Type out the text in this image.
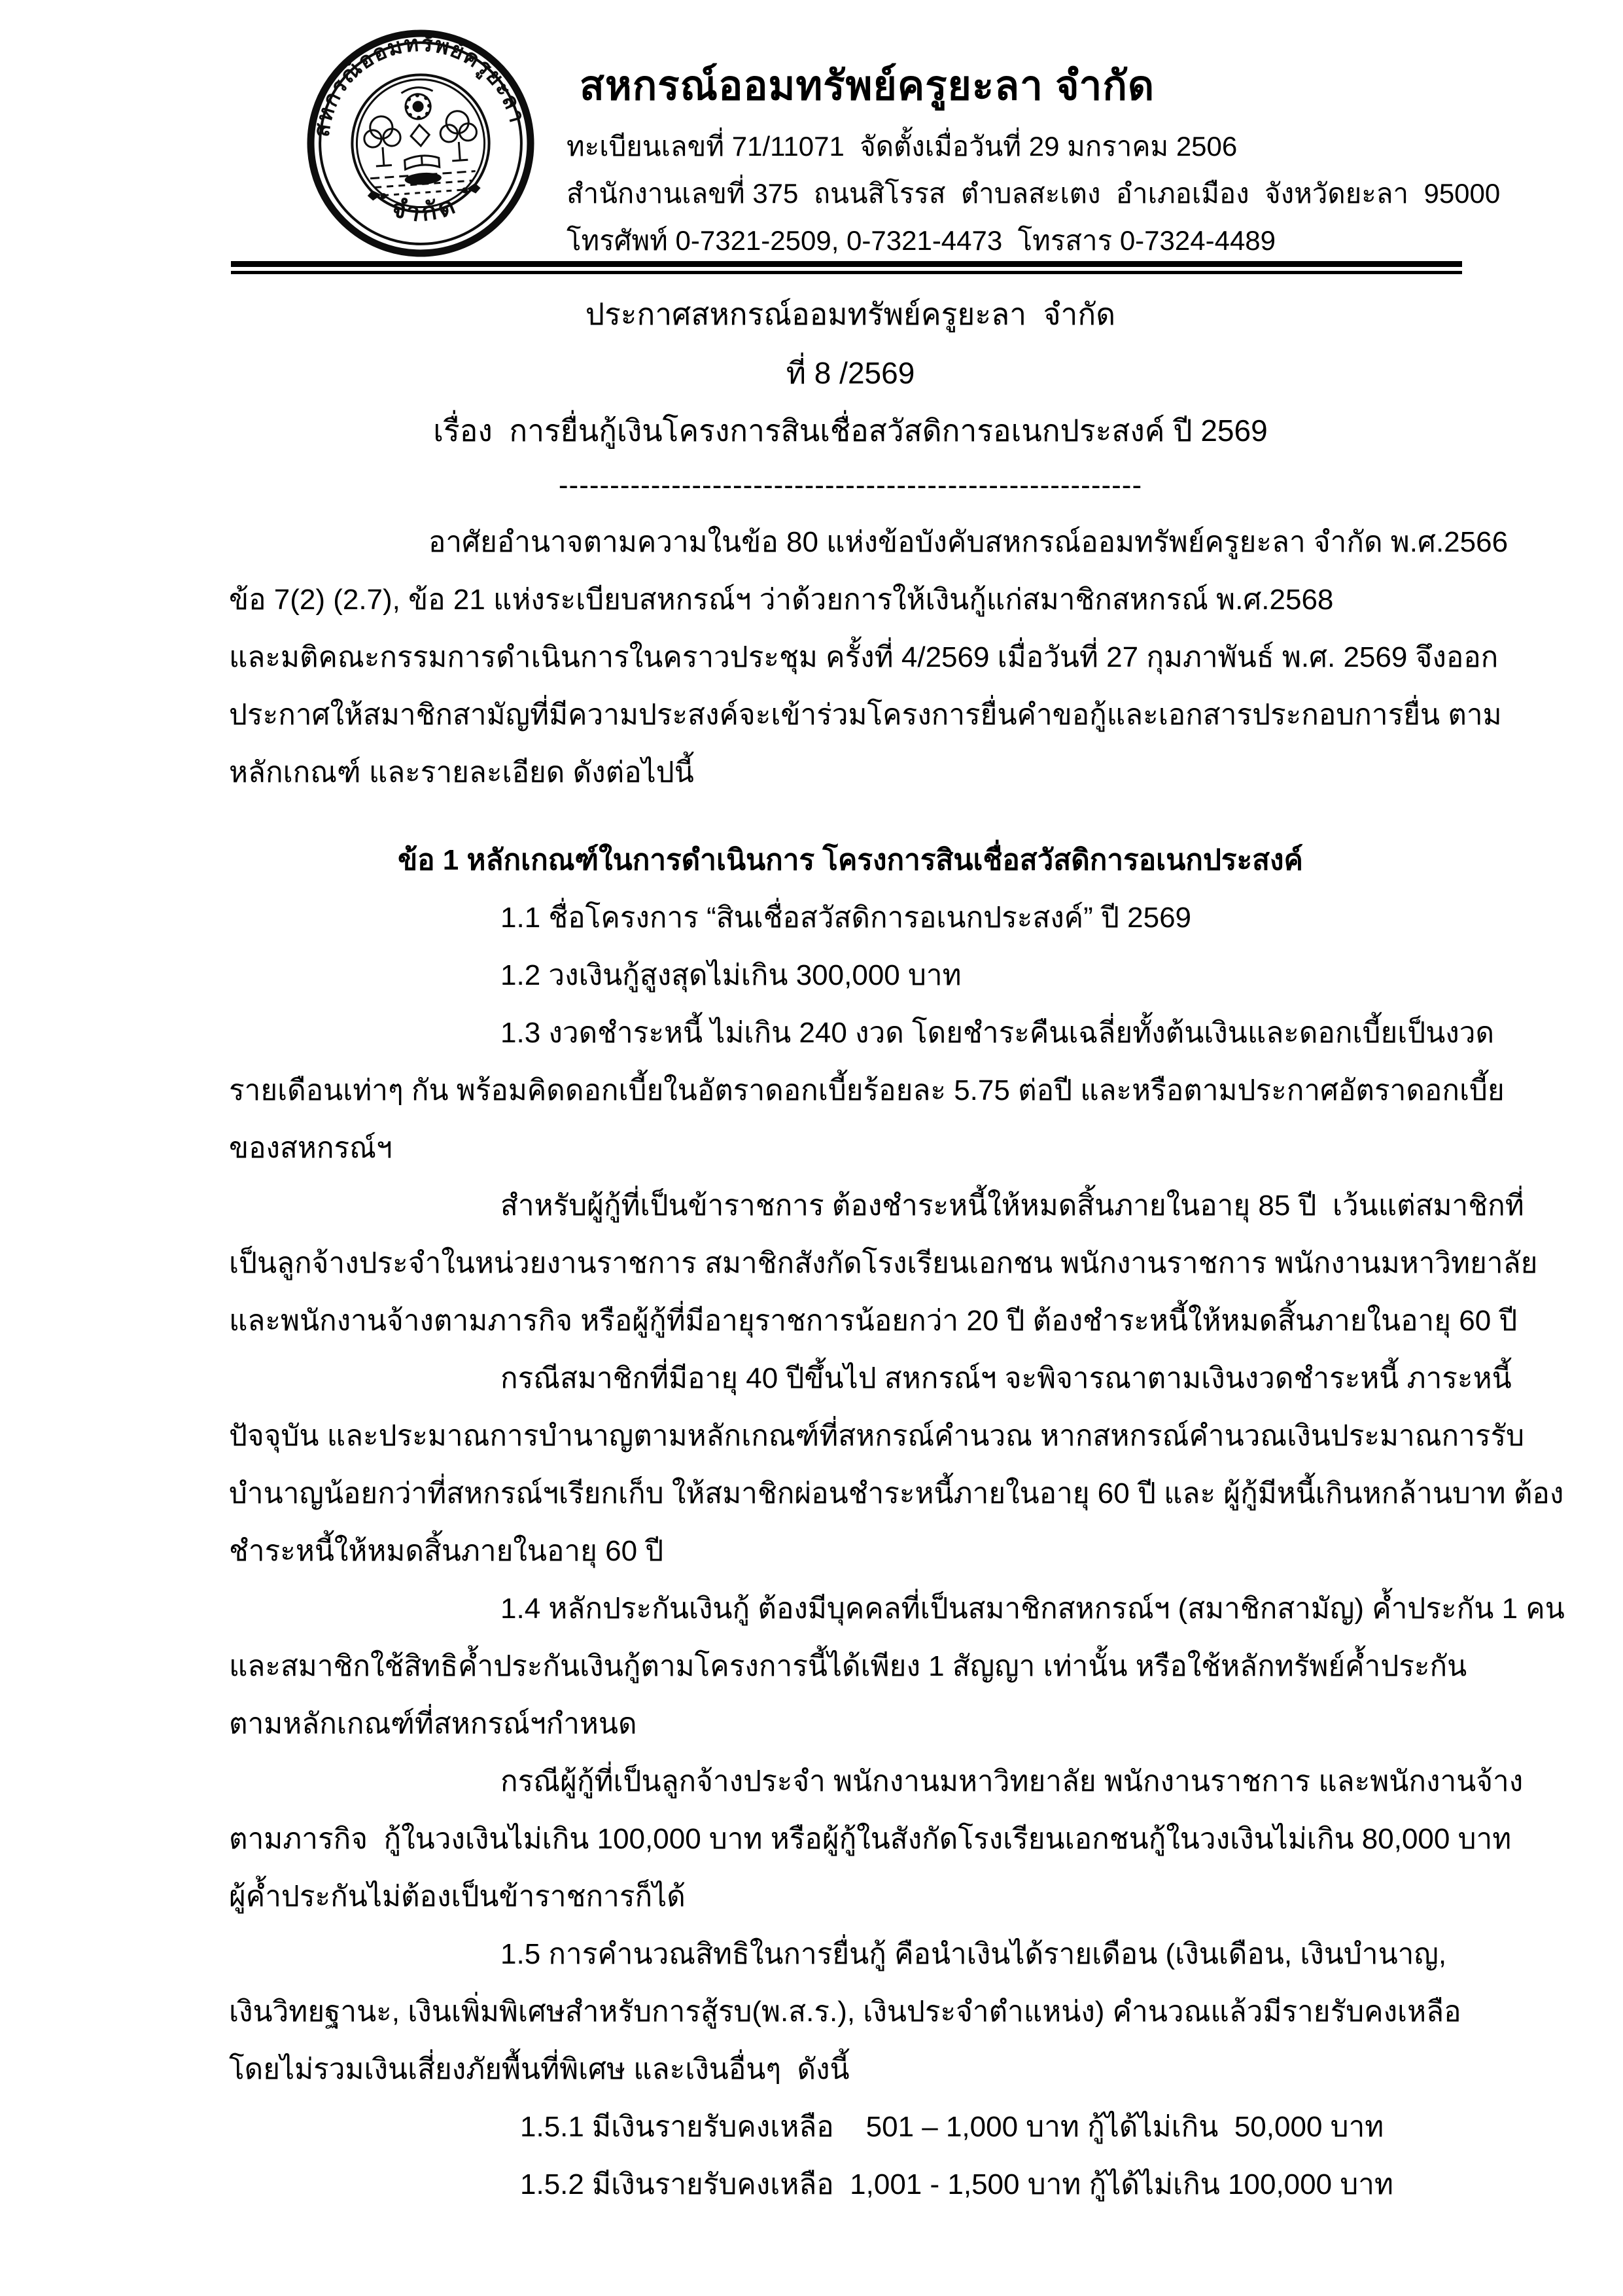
สหกรณ์ออมทรัพย์ครูยะลา
จำกัด
สหกรณ์ออมทรัพย์ครูยะลา จำกัด
ทะเบียนเลขที่ 71/11071  จัดตั้งเมื่อวันที่ 29 มกราคม 2506
สำนักงานเลขที่ 375  ถนนสิโรรส  ตำบลสะเตง  อำเภอเมือง  จังหวัดยะลา  95000
โทรศัพท์ 0-7321-2509, 0-7321-4473  โทรสาร 0-7324-4489
ประกาศสหกรณ์ออมทรัพย์ครูยะลา  จำกัด
ที่ 8 /2569
เรื่อง  การยื่นกู้เงินโครงการสินเชื่อสวัสดิการอเนกประสงค์ ปี 2569
---------------------------------------------------------
อาศัยอำนาจตามความในข้อ 80 แห่งข้อบังคับสหกรณ์ออมทรัพย์ครูยะลา จำกัด พ.ศ.2566
ข้อ 7(2) (2.7), ข้อ 21 แห่งระเบียบสหกรณ์ฯ ว่าด้วยการให้เงินกู้แก่สมาชิกสหกรณ์ พ.ศ.2568
และมติคณะกรรมการดำเนินการในคราวประชุม ครั้งที่ 4/2569 เมื่อวันที่ 27 กุมภาพันธ์ พ.ศ. 2569 จึงออก
ประกาศให้สมาชิกสามัญที่มีความประสงค์จะเข้าร่วมโครงการยื่นคำขอกู้และเอกสารประกอบการยื่น ตาม
หลักเกณฑ์ และรายละเอียด ดังต่อไปนี้
ข้อ 1 หลักเกณฑ์ในการดำเนินการ โครงการสินเชื่อสวัสดิการอเนกประสงค์
1.1 ชื่อโครงการ “สินเชื่อสวัสดิการอเนกประสงค์” ปี 2569
1.2 วงเงินกู้สูงสุดไม่เกิน 300,000 บาท
1.3 งวดชำระหนี้ ไม่เกิน 240 งวด โดยชำระคืนเฉลี่ยทั้งต้นเงินและดอกเบี้ยเป็นงวด
รายเดือนเท่าๆ กัน พร้อมคิดดอกเบี้ยในอัตราดอกเบี้ยร้อยละ 5.75 ต่อปี และหรือตามประกาศอัตราดอกเบี้ย
ของสหกรณ์ฯ
สำหรับผู้กู้ที่เป็นข้าราชการ ต้องชำระหนี้ให้หมดสิ้นภายในอายุ 85 ปี  เว้นแต่สมาชิกที่
เป็นลูกจ้างประจำในหน่วยงานราชการ สมาชิกสังกัดโรงเรียนเอกชน พนักงานราชการ พนักงานมหาวิทยาลัย
และพนักงานจ้างตามภารกิจ หรือผู้กู้ที่มีอายุราชการน้อยกว่า 20 ปี ต้องชำระหนี้ให้หมดสิ้นภายในอายุ 60 ปี
กรณีสมาชิกที่มีอายุ 40 ปีขึ้นไป สหกรณ์ฯ จะพิจารณาตามเงินงวดชำระหนี้ ภาระหนี้
ปัจจุบัน และประมาณการบำนาญตามหลักเกณฑ์ที่สหกรณ์คำนวณ หากสหกรณ์คำนวณเงินประมาณการรับ
บำนาญน้อยกว่าที่สหกรณ์ฯเรียกเก็บ ให้สมาชิกผ่อนชำระหนี้ภายในอายุ 60 ปี และ ผู้กู้มีหนี้เกินหกล้านบาท ต้อง
ชำระหนี้ให้หมดสิ้นภายในอายุ 60 ปี
1.4 หลักประกันเงินกู้ ต้องมีบุคคลที่เป็นสมาชิกสหกรณ์ฯ (สมาชิกสามัญ) ค้ำประกัน 1 คน
และสมาชิกใช้สิทธิค้ำประกันเงินกู้ตามโครงการนี้ได้เพียง 1 สัญญา เท่านั้น หรือใช้หลักทรัพย์ค้ำประกัน
ตามหลักเกณฑ์ที่สหกรณ์ฯกำหนด
กรณีผู้กู้ที่เป็นลูกจ้างประจำ พนักงานมหาวิทยาลัย พนักงานราชการ และพนักงานจ้าง
ตามภารกิจ  กู้ในวงเงินไม่เกิน 100,000 บาท หรือผู้กู้ในสังกัดโรงเรียนเอกชนกู้ในวงเงินไม่เกิน 80,000 บาท
ผู้ค้ำประกันไม่ต้องเป็นข้าราชการก็ได้
1.5 การคำนวณสิทธิในการยื่นกู้ คือนำเงินได้รายเดือน (เงินเดือน, เงินบำนาญ,
เงินวิทยฐานะ, เงินเพิ่มพิเศษสำหรับการสู้รบ(พ.ส.ร.), เงินประจำตำแหน่ง) คำนวณแล้วมีรายรับคงเหลือ
โดยไม่รวมเงินเสี่ยงภัยพื้นที่พิเศษ และเงินอื่นๆ  ดังนี้
1.5.1 มีเงินรายรับคงเหลือ    501 – 1,000 บาท กู้ได้ไม่เกิน  50,000 บาท
1.5.2 มีเงินรายรับคงเหลือ  1,001 - 1,500 บาท กู้ได้ไม่เกิน 100,000 บาท
